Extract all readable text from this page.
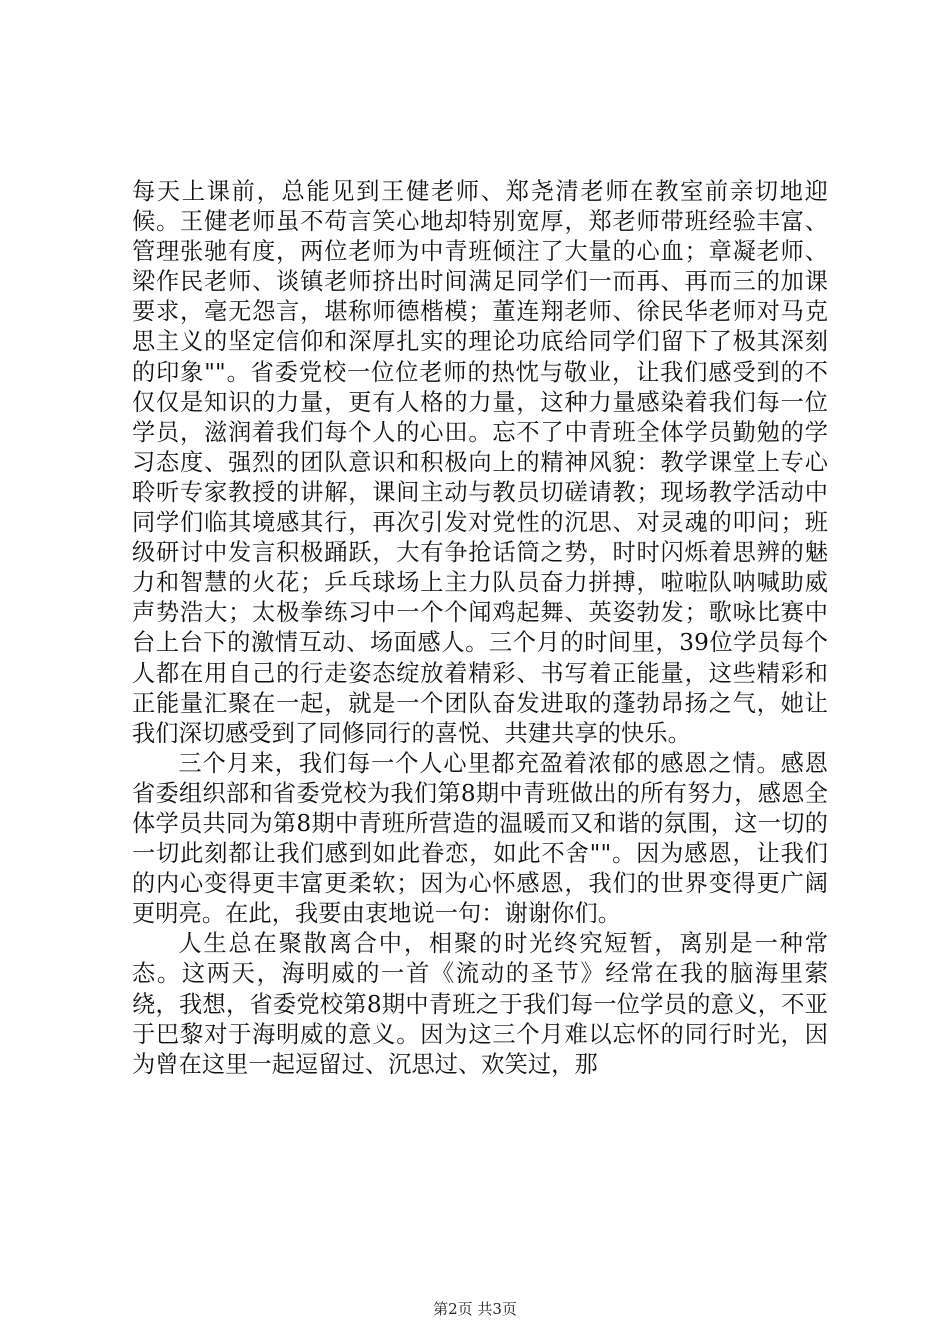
每天上课前，总能见到王健老师、郑尧清老师在教室前亲切地迎候。王健老师虽不苟言笑心地却特别宽厚，郑老师带班经验丰富、管理张驰有度，两位老师为中青班倾注了大量的心血；章凝老师、梁作民老师、谈镇老师挤出时间满足同学们一而再、再而三的加课要求，毫无怨言，堪称师德楷模；董连翔老师、徐民华老师对马克思主义的坚定信仰和深厚扎实的理论功底给同学们留下了极其深刻的印象""。省委党校一位位老师的热忱与敬业，让我们感受到的不仅仅是知识的力量，更有人格的力量，这种力量感染着我们每一位学员，滋润着我们每个人的心田。忘不了中青班全体学员勤勉的学习态度、强烈的团队意识和积极向上的精神风貌：教学课堂上专心聆听专家教授的讲解，课间主动与教员切磋请教；现场教学活动中同学们临其境感其行，再次引发对党性的沉思、对灵魂的叩问；班级研讨中发言积极踊跃，大有争抢话筒之势，时时闪烁着思辨的魅力和智慧的火花；乒乓球场上主力队员奋力拼搏，啦啦队呐喊助威声势浩大；太极拳练习中一个个闻鸡起舞、英姿勃发；歌咏比赛中台上台下的激情互动、场面感人。三个月的时间里，39位学员每个人都在用自己的行走姿态绽放着精彩、书写着正能量，这些精彩和正能量汇聚在一起，就是一个团队奋发进取的蓬勃昂扬之气，她让我们深切感受到了同修同行的喜悦、共建共享的快乐。

三个月来，我们每一个人心里都充盈着浓郁的感恩之情。感恩省委组织部和省委党校为我们第8期中青班做出的所有努力，感恩全体学员共同为第8期中青班所营造的温暖而又和谐的氛围，这一切的一切此刻都让我们感到如此眷恋，如此不舍""。因为感恩，让我们的内心变得更丰富更柔软；因为心怀感恩，我们的世界变得更广阔更明亮。在此，我要由衷地说一句：谢谢你们。

人生总在聚散离合中，相聚的时光终究短暂，离别是一种常态。这两天，海明威的一首《流动的圣节》经常在我的脑海里萦绕，我想，省委党校第8期中青班之于我们每一位学员的意义，不亚于巴黎对于海明威的意义。因为这三个月难以忘怀的同行时光，因为曾在这里一起逗留过、沉思过、欢笑过，那

第2页 共3页
